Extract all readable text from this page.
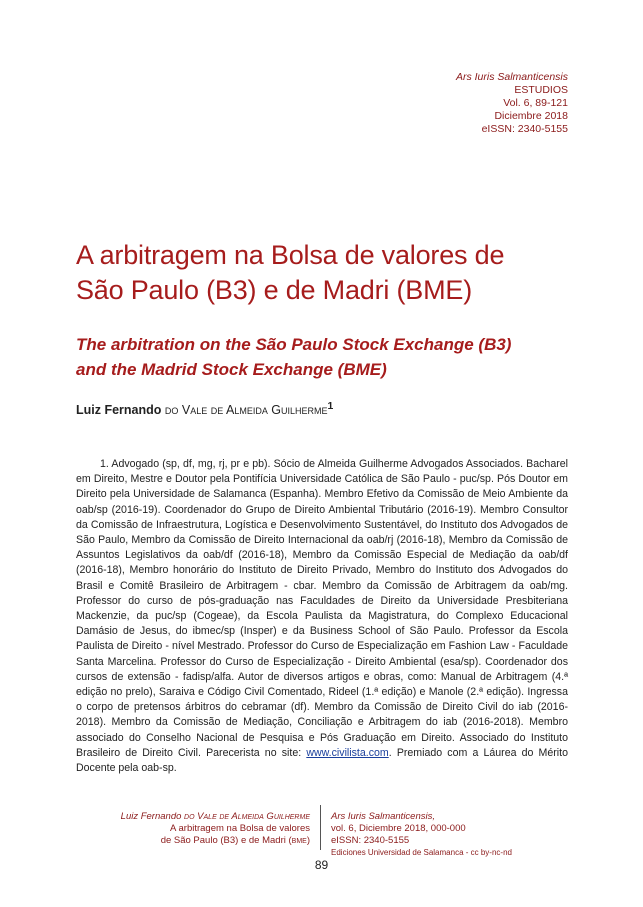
Ars Iuris Salmanticensis
ESTUDIOS
Vol. 6, 89-121
Diciembre 2018
eISSN: 2340-5155
A arbitragem na Bolsa de valores de
São Paulo (B3) e de Madri (BME)
The arbitration on the São Paulo Stock Exchange (B3)
and the Madrid Stock Exchange (BME)
Luiz Fernando do Vale de Almeida Guilherme$^1$

1. Advogado (sp, df, mg, rj, pr e pb). Sócio de Almeida Guilherme Advogados Associados. Bacharel em Direito, Mestre e Doutor pela Pontifícia Universidade Católica de São Paulo - puc/sp. Pós Doutor em Direito pela Universidade de Salamanca (Espanha). Membro Efetivo da Comissão de Meio Ambiente da oab/sp (2016-19). Coordenador do Grupo de Direito Ambiental Tributário (2016-19). Membro Consultor da Comissão de Infraestrutura, Logística e Desenvolvimento Sustentável, do Instituto dos Advogados de São Paulo, Membro da Comissão de Direito Internacional da oab/rj (2016-18), Membro da Comissão de Assuntos Legislativos da oab/df (2016-18), Membro da Comissão Especial de Mediação da oab/df (2016-18), Membro honorário do Instituto de Direito Privado, Membro do Instituto dos Advogados do Brasil e Comitê Brasileiro de Arbitragem - cbar. Membro da Comissão de Arbitragem da oab/mg. Professor do curso de pós-graduação nas Faculdades de Direito da Universidade Presbiteriana Mackenzie, da puc/sp (Cogeae), da Escola Paulista da Magistratura, do Complexo Educacional Damásio de Jesus, do ibmec/sp (Insper) e da Business School of São Paulo. Professor da Escola Paulista de Direito - nível Mestrado. Professor do Curso de Especialização em Fashion Law - Faculdade Santa Marcelina. Professor do Curso de Especialização - Direito Ambiental (esa/sp). Coordenador dos cursos de extensão - fadisp/alfa. Autor de diversos artigos e obras, como: Manual de Arbitragem (4.ª edição no prelo), Saraiva e Código Civil Comentado, Rideel (1.ª edição) e Manole (2.ª edição). Ingressa o corpo de pretensos árbitros do cebramar (df). Membro da Comissão de Direito Civil do iab (2016-2018). Membro da Comissão de Mediação, Conciliação e Arbitragem do iab (2016-2018). Membro associado do Conselho Nacional de Pesquisa e Pós Graduação em Direito. Associado do Instituto Brasileiro de Direito Civil. Parecerista no site: www.civilista.com. Premiado com a Láurea do Mérito Docente pela oab-sp.

Luiz Fernando do Vale de Almeida Guilherme
A arbitragem na Bolsa de valores
de São Paulo (B3) e de Madri (bme)
Ars Iuris Salmanticensis,
vol. 6, Diciembre 2018, 000-000
eISSN: 2340-5155
Ediciones Universidad de Salamanca - cc by-nc-nd
89
